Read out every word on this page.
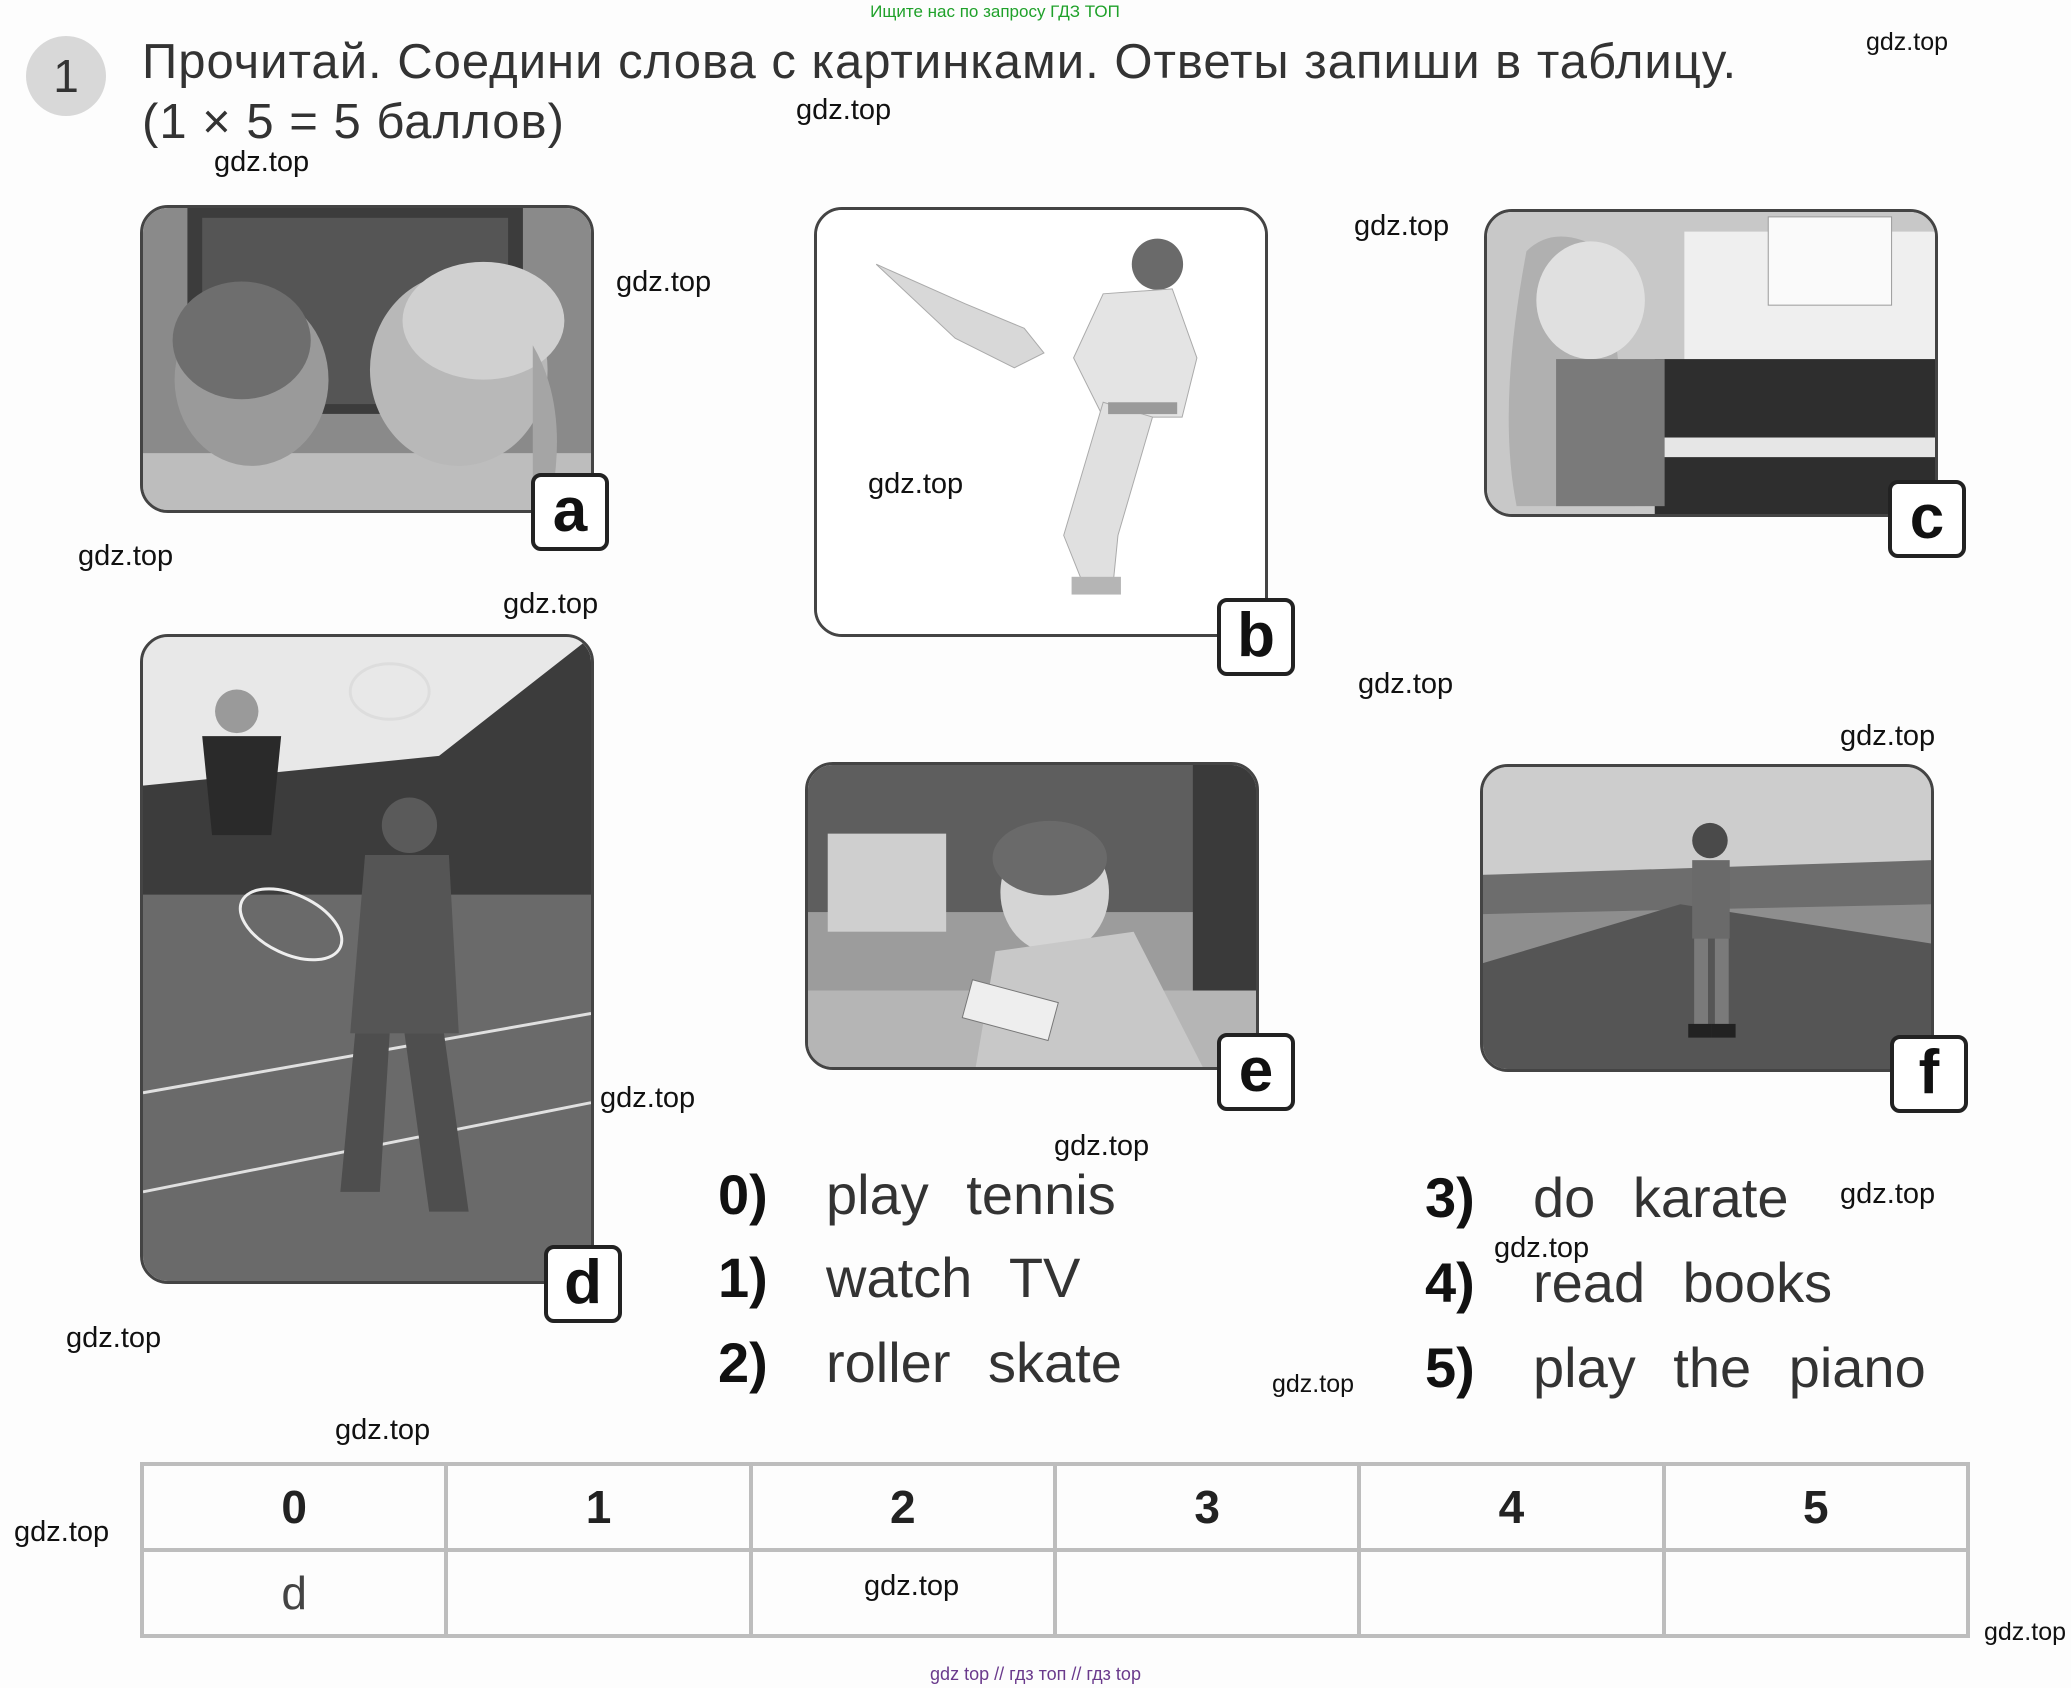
Ищите нас по запросу ГДЗ ТОП
1	Прочитай. Соедини слова с картинками. Ответы запиши в таблицу.
(1 × 5 = 5 баллов)
a
b
c
d
e	f
0) play tennis
1) watch TV
2) roller skate
3) do karate
4) read books
5) play the piano
0	1	2	3	4	5
d					
gdz.top
gdz.top
gdz.top
gdz.top
gdz.top
gdz.top
gdz.top
gdz.top
gdz.top
gdz.top
gdz.top
gdz.top
gdz.top
gdz.top
gdz.top
gdz.top
gdz.top
gdz.top
gdz.top
gdz.top
gdz top // гдз топ // гдз top
